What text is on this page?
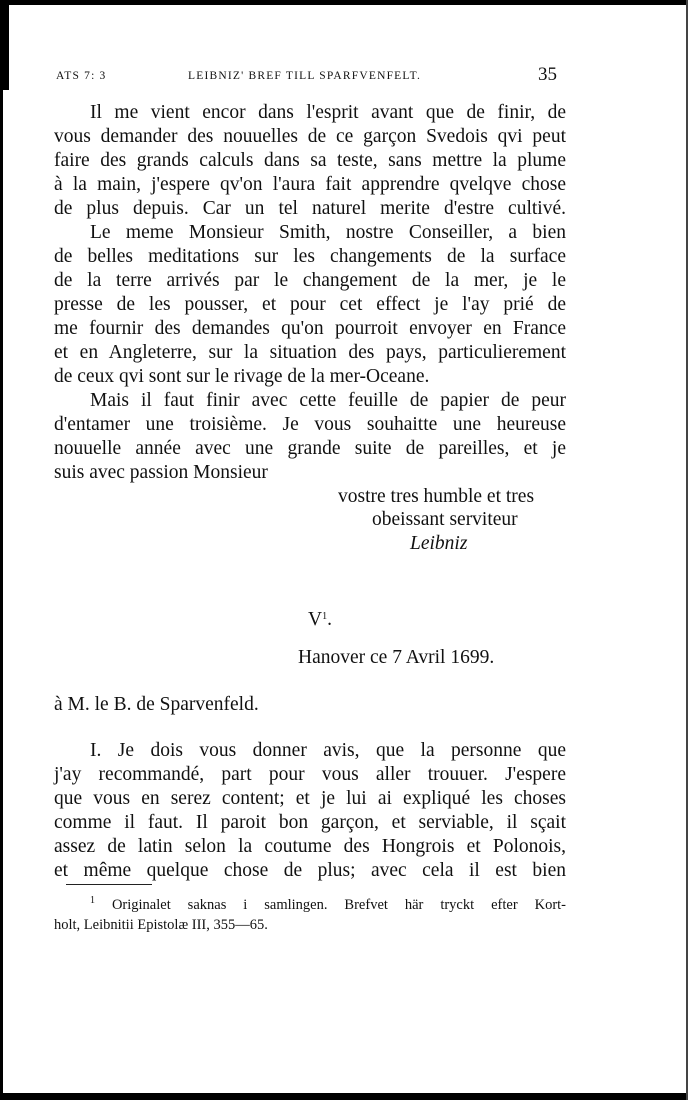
ATS 7: 3	LEIBNIZ' BREF TILL SPARFVENFELT.	35
Il me vient encor dans l'esprit avant que de finir, de
vous demander des nouuelles de ce garçon Svedois qvi peut
faire des grands calculs dans sa teste, sans mettre la plume
à la main, j'espere qv'on l'aura fait apprendre qvelqve chose
de plus depuis. Car un tel naturel merite d'estre cultivé.
Le meme Monsieur Smith, nostre Conseiller, a bien
de belles meditations sur les changements de la surface
de la terre arrivés par le changement de la mer, je le
presse de les pousser, et pour cet effect je l'ay prié de
me fournir des demandes qu'on pourroit envoyer en France
et en Angleterre, sur la situation des pays, particulierement
de ceux qvi sont sur le rivage de la mer-Oceane.
Mais il faut finir avec cette feuille de papier de peur
d'entamer une troisième. Je vous souhaitte une heureuse
nouuelle année avec une grande suite de pareilles, et je
suis avec passion Monsieur
vostre tres humble et tres
obeissant serviteur
Leibniz
$V^1$.
Hanover ce 7 Avril 1699.
à M. le B. de Sparvenfeld.
I. Je dois vous donner avis, que la personne que
j'ay recommandé, part pour vous aller trouuer. J'espere
que vous en serez content; et je lui ai expliqué les choses
comme il faut. Il paroit bon garçon, et serviable, il sçait
assez de latin selon la coutume des Hongrois et Polonois,
et même quelque chose de plus; avec cela il est bien
$^1$ Originalet saknas i samlingen. Brefvet här tryckt efter Kort-
holt, Leibnitii Epistolæ III, 355—65.
